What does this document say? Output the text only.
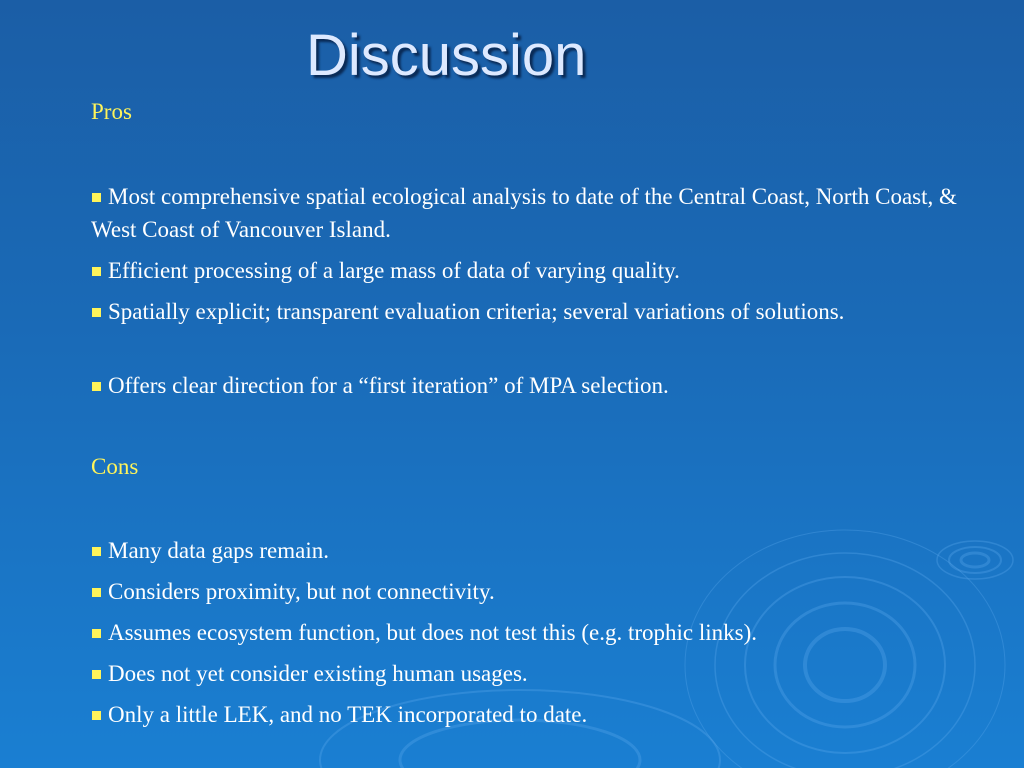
Discussion
Pros
Most comprehensive spatial ecological analysis to date of the Central Coast, North Coast, & West Coast of Vancouver Island.
Efficient processing of a large mass of data of varying quality.
Spatially explicit; transparent evaluation criteria; several variations of solutions.
Offers clear direction for a “first iteration” of MPA selection.
Cons
Many data gaps remain.
Considers proximity, but not connectivity.
Assumes ecosystem function, but does not test this (e.g. trophic links).
Does not yet consider existing human usages.
Only a little LEK, and no TEK incorporated to date.
